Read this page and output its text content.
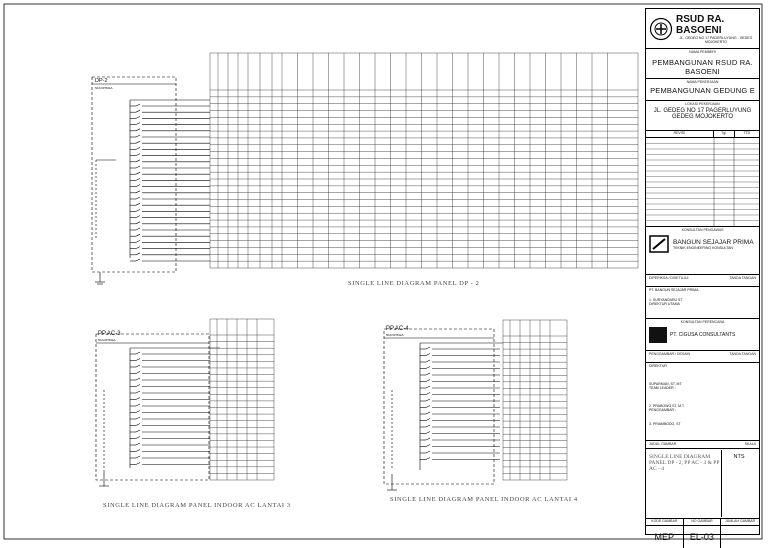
DP-2
50A/3P/50kA
PP.AC-3
50A/3P/50kA
PP.AC-4
50A/3P/50kA
SINGLE LINE DIAGRAM PANEL DP - 2
SINGLE LINE DIAGRAM PANEL INDOOR AC LANTAI 3
SINGLE LINE DIAGRAM PANEL INDOOR AC LANTAI 4
RSUD RA. BASOENI
JL. GEDEG NO 17 PAGERLUYUNG - GEDEG MOJOKERTO
NAMA PEMBERI
PEMBANGUNAN RSUD RA. BASOENI
NAMA PEKERJAAN
PEMBANGUNAN GEDUNG E
LOKASI PEKERJAAN
JL. GEDEG NO 17 PAGERLUYUNG GEDEG MOJOKERTO
REVISI	Tgl	TTD
KONSULTAN PENGAWAS
BANGUN SEJAJAR PRIMA
TEKNIK ENGINEERING KONSULTAN
DIPERIKSA / DISETUJUI	TANDA TANGAN
PT. BANGUN SEJAJAR PRIMA
1. SURYANDARU ST
DIREKTUR UTAMA
KONSULTAN PERENCANA
PT. CIGUSA CONSULTANTS
PENGGAMBAR / DESAIN	TANDA TANGAN
DIREKTUR
SUPARMAN, ST, MT
TEAM LEADER :
2. PRABOWO ST, M.T
PENGGAMBAR :
3. PRIAMBODO, ST
JUDUL GAMBAR	SKALA
SINGLE LINE DIAGRAM PANEL DP - 2, PP AC - 3 & PP AC - 4
NTS
KODE GAMBAR	NO GAMBAR	JUMLAH GAMBAR
MEP	EL-03
